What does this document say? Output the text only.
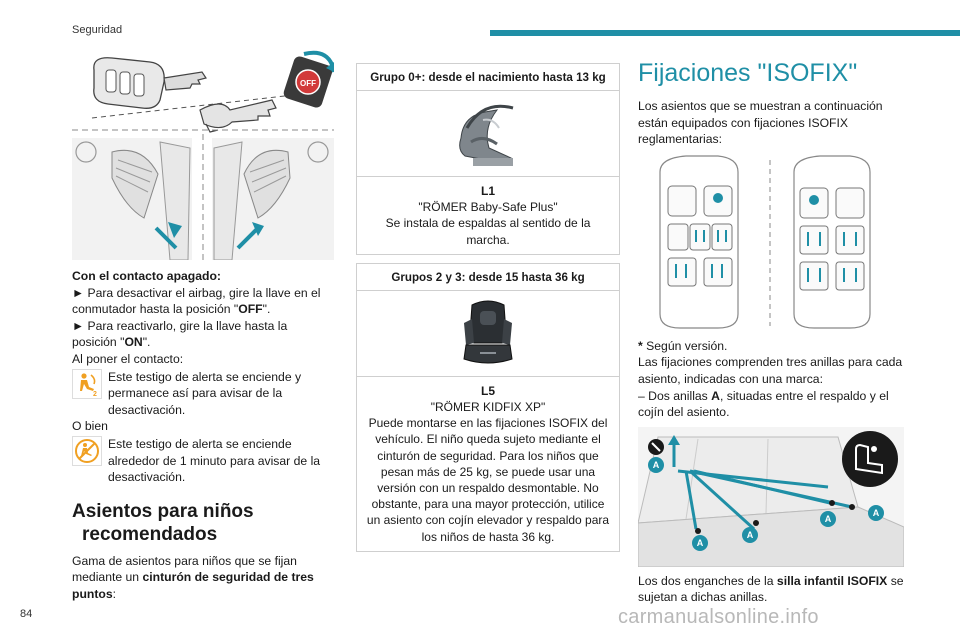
Seguridad
OFF
Con el contacto apagado:
► Para desactivar el airbag, gire la llave en el conmutador hasta la posición "OFF".
► Para reactivarlo, gire la llave hasta la posición "ON".
Al poner el contacto:
2
Este testigo de alerta se enciende y permanece así para avisar de la desactivación.
O bien
Este testigo de alerta se enciende alrededor de 1 minuto para avisar de la desactivación.
Asientos para niños
recomendados
Gama de asientos para niños que se fijan mediante un cinturón de seguridad de tres puntos:
Grupo 0+: desde el nacimiento hasta 13 kg
L1
"RÖMER Baby-Safe Plus"
Se instala de espaldas al sentido de la marcha.
Grupos 2 y 3: desde 15 hasta 36 kg
L5
"RÖMER KIDFIX XP"
Puede montarse en las fijaciones ISOFIX del vehículo. El niño queda sujeto mediante el cinturón de seguridad. Para los niños que pesan más de 25 kg, se puede usar una versión con un respaldo desmontable. No obstante, para una mayor protección, utilice un asiento con cojín elevador y respaldo para los niños de hasta 36 kg.
Fijaciones "ISOFIX"
Los asientos que se muestran a continuación están equipados con fijaciones ISOFIX reglamentarias:
* Según versión.
Las fijaciones comprenden tres anillas para cada asiento, indicadas con una marca:
– Dos anillas A, situadas entre el respaldo y el cojín del asiento.
A
A
A
A
A
Los dos enganches de la silla infantil ISOFIX se sujetan a dichas anillas.
84	carmanualsonline.info
